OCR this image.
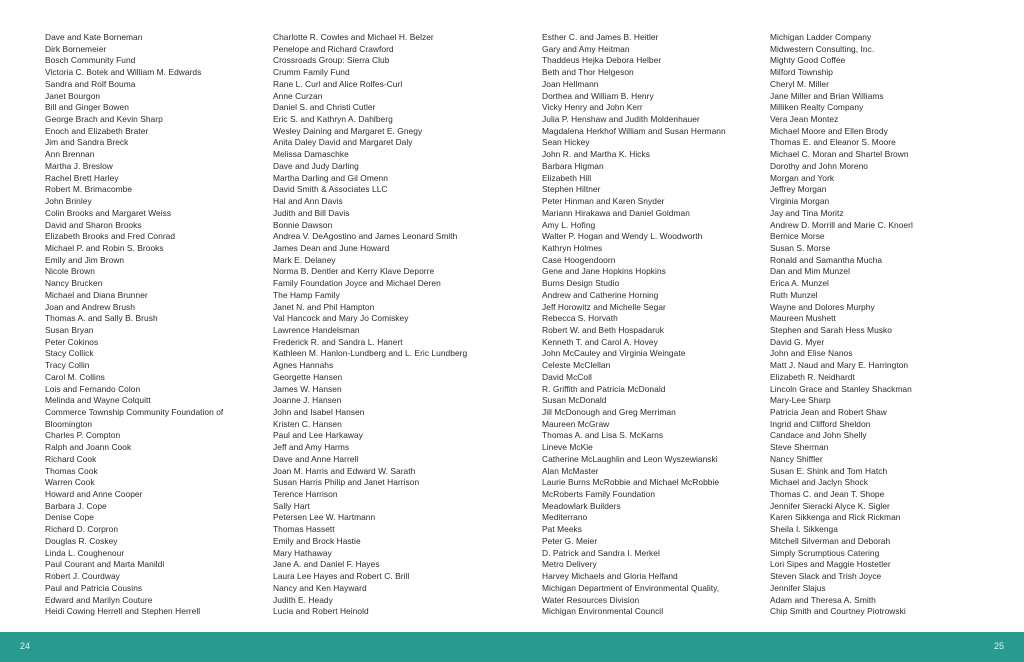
Dave and Kate Borneman
Dirk Bornemeier
Bosch Community Fund
Victoria C. Botek and William M. Edwards
Sandra and Rolf Bouma
Janet Bourgon
Bill and Ginger Bowen
George Brach and Kevin Sharp
Enoch and Elizabeth Brater
Jim and Sandra Breck
Ann Brennan
Martha J. Breslow
Rachel Brett Harley
Robert M. Brimacombe
John Brinley
Colin Brooks and Margaret Weiss
David and Sharon Brooks
Elizabeth Brooks and Fred Conrad
Michael P. and Robin S. Brooks
Emily and Jim Brown
Nicole Brown
Nancy Brucken
Michael and Diana Brunner
Joan and Andrew Brush
Thomas A. and Sally B. Brush
Susan Bryan
Peter Cokinos
Stacy Collick
Tracy Collin
Carol M. Collins
Lois and Fernando Colon
Melinda and Wayne Colquitt
Commerce Township Community Foundation of
Bloomington
Charles P. Compton
Ralph and Joann Cook
Richard Cook
Thomas Cook
Warren Cook
Howard and Anne Cooper
Barbara J. Cope
Denise Cope
Richard D. Corpron
Douglas R. Coskey
Linda L. Coughenour
Paul Courant and Marta Manildi
Robert J. Courdway
Paul and Patricia Cousins
Edward and Marilyn Couture
Heidi Cowing Herrell and Stephen Herrell
Charlotte R. Cowles and Michael H. Belzer
Penelope and Richard Crawford
Crossroads Group: Sierra Club
Crumm Family Fund
Rane L. Curl and Alice Rolfes-Curl
Anne Curzan
Daniel S. and Christi Cutler
Eric S. and Kathryn A. Dahlberg
Wesley Daining and Margaret E. Gnegy
Anita Daley David and Margaret Daly
Melissa Damaschke
Dave and Judy Darling
Martha Darling and Gil Omenn
David Smith & Associates LLC
Hal and Ann Davis
Judith and Bill Davis
Bonnie Dawson
Andrea V. DeAgostino and James Leonard Smith
James Dean and June Howard
Mark E. Delaney
Norma B. Dentler and Kerry Klave Deporre
Family Foundation Joyce and Michael Deren
The Hamp Family
Janet N. and Phil Hampton
Val Hancock and Mary Jo Comiskey
Lawrence Handelsman
Frederick R. and Sandra L. Hanert
Kathleen M. Hanlon-Lundberg and L. Eric Lundberg
Agnes Hannahs
Georgette Hansen
James W. Hansen
Joanne J. Hansen
John and Isabel Hansen
Kristen C. Hansen
Paul and Lee Harkaway
Jeff and Amy Harms
Dave and Anne Harrell
Joan M. Harris and Edward W. Sarath
Susan Harris Philip and Janet Harrison
Terence Harrison
Sally Hart
Petersen Lee W. Hartmann
Thomas Hassett
Emily and Brock Hastie
Mary Hathaway
Jane A. and Daniel F. Hayes
Laura Lee Hayes and Robert C. Brill
Nancy and Ken Hayward
Judith E. Heady
Lucia and Robert Heinold
Esther C. and James B. Heitler
Gary and Amy Heitman
Thaddeus Hejka Debora Helber
Beth and Thor Helgeson
Joan Hellmann
Dorthea and William B. Henry
Vicky Henry and John Kerr
Julia P. Henshaw and Judith Moldenhauer
Magdalena Herkhof William and Susan Hermann
Sean Hickey
John R. and Martha K. Hicks
Barbara Higman
Elizabeth Hill
Stephen Hiltner
Peter Hinman and Karen Snyder
Mariann Hirakawa and Daniel Goldman
Amy L. Hofing
Walter P. Hogan and Wendy L. Woodworth
Kathryn Holmes
Case Hoogendoorn
Gene and Jane Hopkins Hopkins
Burns Design Studio
Andrew and Catherine Horning
Jeff Horowitz and Michelle Segar
Rebecca S. Horvath
Robert W. and Beth Hospadaruk
Kenneth T. and Carol A. Hovey
John McCauley and Virginia Weingate
Celeste McClellan
David McColl
R. Griffith and Patricia McDonald
Susan McDonald
Jill McDonough and Greg Merriman
Maureen McGraw
Thomas A. and Lisa S. McKarns
Lineve McKie
Catherine McLaughlin and Leon Wyszewianski
Alan McMaster
Laurie Burns McRobbie and Michael McRobbie
McRoberts Family Foundation
Meadowlark Builders
Mediterrano
Pat Meeks
Peter G. Meier
D. Patrick and Sandra I. Merkel
Metro Delivery
Harvey Michaels and Gloria Helfand
Michigan Department of Environmental Quality,
Water Resources Division
Michigan Environmental Council
Michigan Ladder Company
Midwestern Consulting, Inc.
Mighty Good Coffee
Milford Township
Cheryl M. Miller
Jane Miller and Brian Williams
Milliken Realty Company
Vera Jean Montez
Michael Moore and Ellen Brody
Thomas E. and Eleanor S. Moore
Michael C. Moran and Shartel Brown
Dorothy and John Moreno
Morgan and York
Jeffrey Morgan
Virginia Morgan
Jay and Tina Moritz
Andrew D. Morrill and Marie C. Knoerl
Bernice Morse
Susan S. Morse
Ronald and Samantha Mucha
Dan and Mim Munzel
Erica A. Munzel
Ruth Munzel
Wayne and Dolores Murphy
Maureen Mushett
Stephen and Sarah Hess Musko
David G. Myer
John and Elise Nanos
Matt J. Naud and Mary E. Harrington
Elizabeth R. Neidhardt
Lincoln Grace and Stanley Shackman
Mary-Lee Sharp
Patricia Jean and Robert Shaw
Ingrid and Clifford Sheldon
Candace and John Shelly
Steve Sherman
Nancy Shiffler
Susan E. Shink and Tom Hatch
Michael and Jaclyn Shock
Thomas C. and Jean T. Shope
Jennifer Sieracki Alyce K. Sigler
Karen Sikkenga and Rick Rickman
Sheila I. Sikkenga
Mitchell Silverman and Deborah
Simply Scrumptious Catering
Lori Sipes and Maggie Hostetler
Steven Slack and Trish Joyce
Jennifer Slajus
Adam and Theresa A. Smith
Chip Smith and Courtney Piotrowski
24	25
